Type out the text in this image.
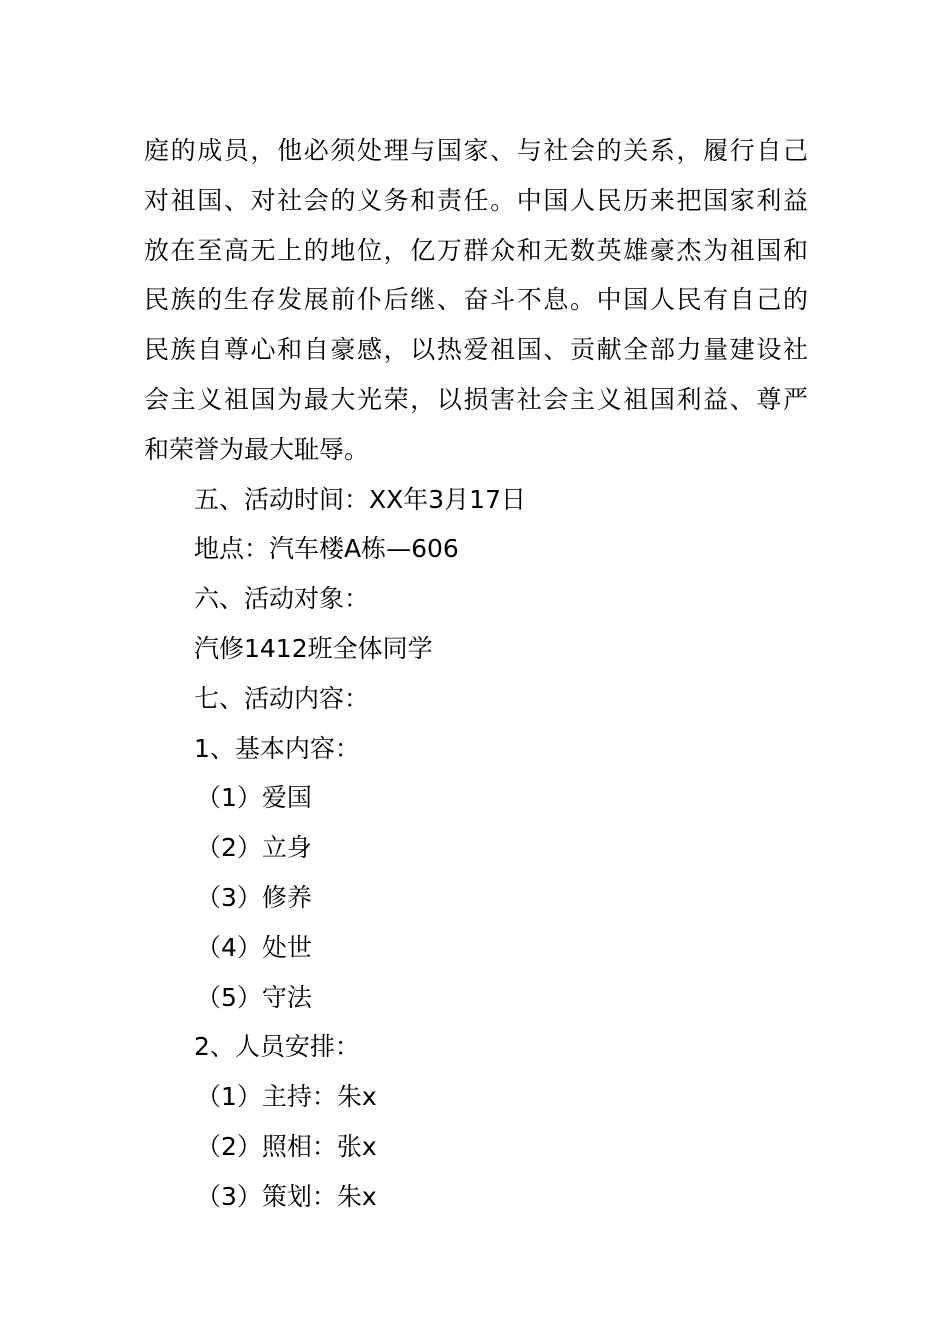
庭的成员，他必须处理与国家、与社会的关系，履行自己
对祖国、对社会的义务和责任。中国人民历来把国家利益
放在至高无上的地位，亿万群众和无数英雄豪杰为祖国和
民族的生存发展前仆后继、奋斗不息。中国人民有自己的
民族自尊心和自豪感，以热爱祖国、贡献全部力量建设社
会主义祖国为最大光荣，以损害社会主义祖国利益、尊严
和荣誉为最大耻辱。
五、活动时间：XX年3月17日
地点：汽车楼A栋—606
六、活动对象：
汽修1412班全体同学
七、活动内容：
1、基本内容：
（1）爱国
（2）立身
（3）修养
（4）处世
（5）守法
2、人员安排：
（1）主持：朱x
（2）照相：张x
（3）策划：朱x
